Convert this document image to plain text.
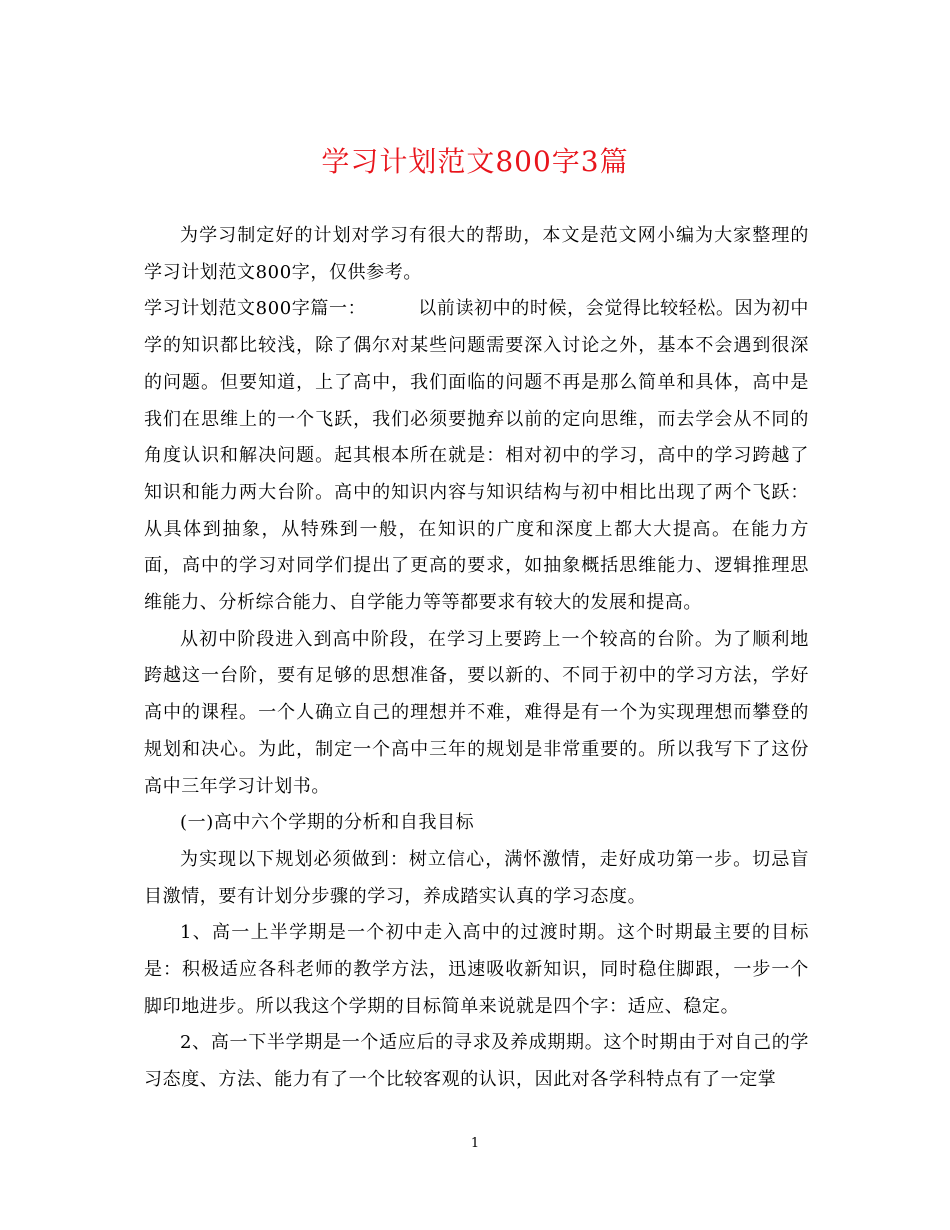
学习计划范文800字3篇

为学习制定好的计划对学习有很大的帮助，本文是范文网小编为大家整理的学习计划范文800字，仅供参考。

学习计划范文800字篇一：	以前读初中的时候，会觉得比较轻松。因为初中学的知识都比较浅，除了偶尔对某些问题需要深入讨论之外，基本不会遇到很深的问题。但要知道，上了高中，我们面临的问题不再是那么简单和具体，高中是我们在思维上的一个飞跃，我们必须要抛弃以前的定向思维，而去学会从不同的角度认识和解决问题。起其根本所在就是：相对初中的学习，高中的学习跨越了知识和能力两大台阶。高中的知识内容与知识结构与初中相比出现了两个飞跃：从具体到抽象，从特殊到一般，在知识的广度和深度上都大大提高。在能力方面，高中的学习对同学们提出了更高的要求，如抽象概括思维能力、逻辑推理思维能力、分析综合能力、自学能力等等都要求有较大的发展和提高。

从初中阶段进入到高中阶段，在学习上要跨上一个较高的台阶。为了顺利地跨越这一台阶，要有足够的思想准备，要以新的、不同于初中的学习方法，学好高中的课程。一个人确立自己的理想并不难，难得是有一个为实现理想而攀登的规划和决心。为此，制定一个高中三年的规划是非常重要的。所以我写下了这份高中三年学习计划书。

(一)高中六个学期的分析和自我目标

为实现以下规划必须做到：树立信心，满怀激情，走好成功第一步。切忌盲目激情，要有计划分步骤的学习，养成踏实认真的学习态度。

1、高一上半学期是一个初中走入高中的过渡时期。这个时期最主要的目标是：积极适应各科老师的教学方法，迅速吸收新知识，同时稳住脚跟，一步一个脚印地进步。所以我这个学期的目标简单来说就是四个字：适应、稳定。

2、高一下半学期是一个适应后的寻求及养成期期。这个时期由于对自己的学习态度、方法、能力有了一个比较客观的认识，因此对各学科特点有了一定掌

1
